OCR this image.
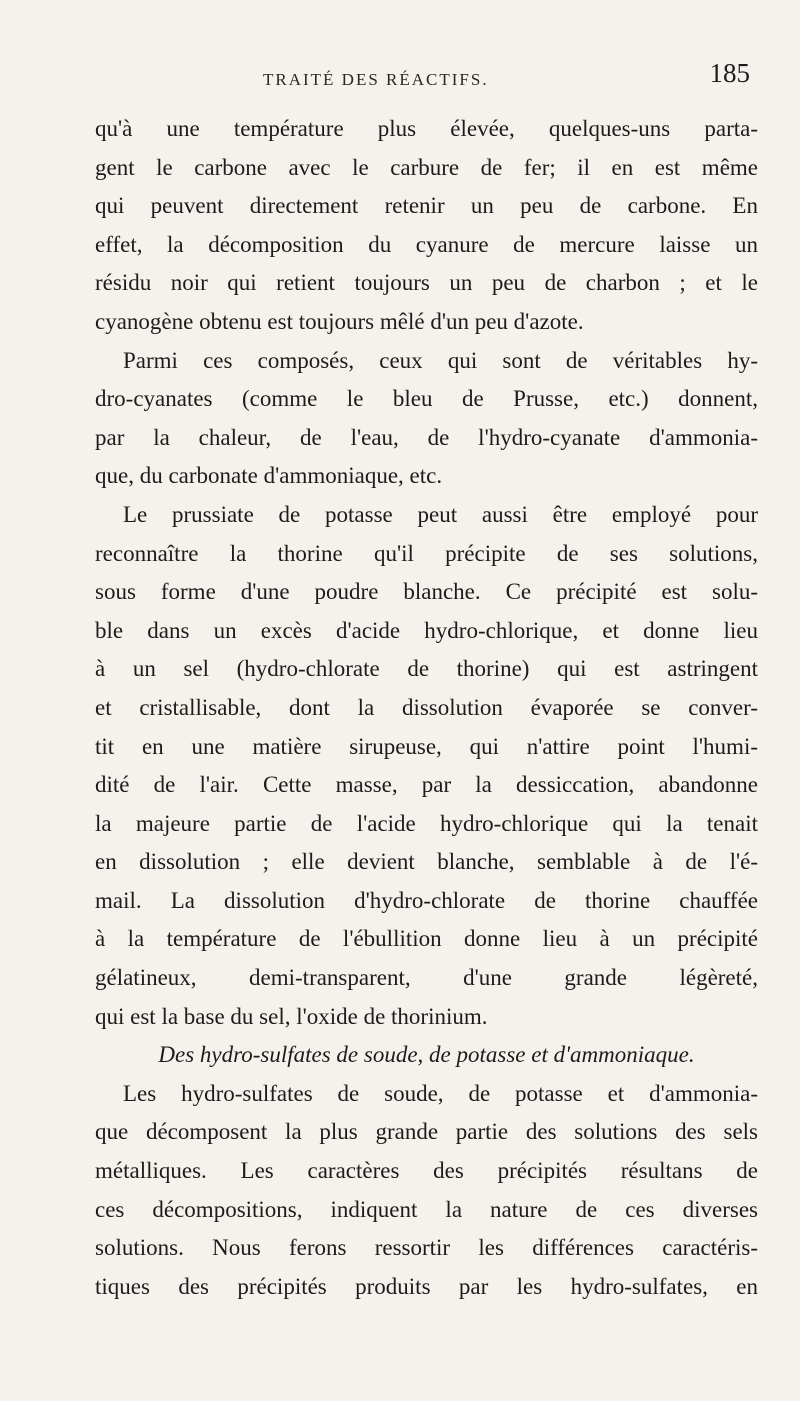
TRAITÉ DES RÉACTIFS.	185
qu'à une température plus élevée, quelques-uns parta-
gent le carbone avec le carbure de fer; il en est même
qui peuvent directement retenir un peu de carbone. En
effet, la décomposition du cyanure de mercure laisse un
résidu noir qui retient toujours un peu de charbon ; et le
cyanogène obtenu est toujours mêlé d'un peu d'azote.
Parmi ces composés, ceux qui sont de véritables hy-
dro-cyanates (comme le bleu de Prusse, etc.) donnent,
par la chaleur, de l'eau, de l'hydro-cyanate d'ammonia-
que, du carbonate d'ammoniaque, etc.
Le prussiate de potasse peut aussi être employé pour
reconnaître la thorine qu'il précipite de ses solutions,
sous forme d'une poudre blanche. Ce précipité est solu-
ble dans un excès d'acide hydro-chlorique, et donne lieu
à un sel (hydro-chlorate de thorine) qui est astringent
et cristallisable, dont la dissolution évaporée se conver-
tit en une matière sirupeuse, qui n'attire point l'humi-
dité de l'air. Cette masse, par la dessiccation, abandonne
la majeure partie de l'acide hydro-chlorique qui la tenait
en dissolution ; elle devient blanche, semblable à de l'é-
mail. La dissolution d'hydro-chlorate de thorine chauffée
à la température de l'ébullition donne lieu à un précipité
gélatineux, demi-transparent, d'une grande légèreté,
qui est la base du sel, l'oxide de thorinium.
Des hydro-sulfates de soude, de potasse et d'ammoniaque.
Les hydro-sulfates de soude, de potasse et d'ammonia-
que décomposent la plus grande partie des solutions des sels
métalliques. Les caractères des précipités résultans de
ces décompositions, indiquent la nature de ces diverses
solutions. Nous ferons ressortir les différences caractéris-
tiques des précipités produits par les hydro-sulfates, en
